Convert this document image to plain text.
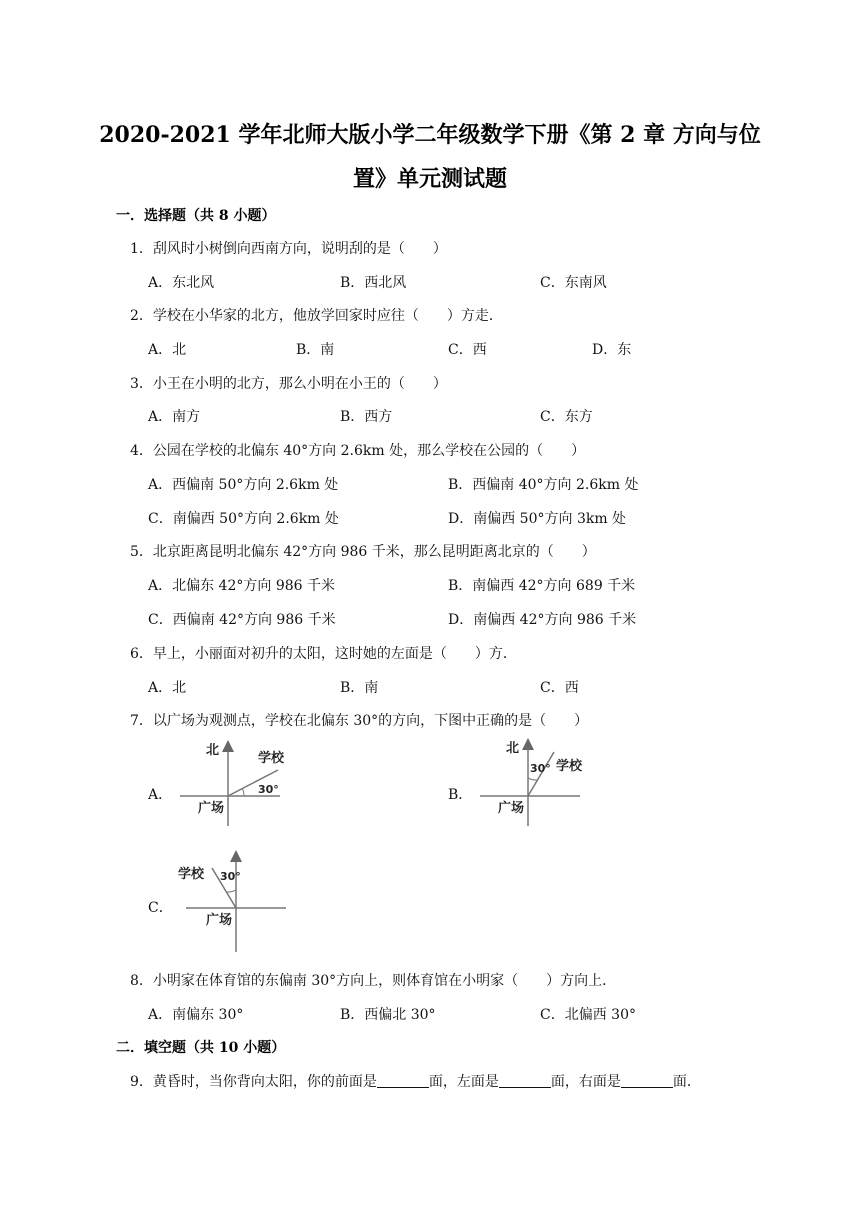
2020-2021 学年北师大版小学二年级数学下册《第 2 章 方向与位
置》单元测试题
一．选择题（共 8 小题）
1．刮风时小树倒向西南方向，说明刮的是（　　）
A．东北风	B．西北风	C．东南风
2．学校在小华家的北方，他放学回家时应往（　　）方走．
A．北	B．南	C．西	D．东
3．小王在小明的北方，那么小明在小王的（　　）
A．南方	B．西方	C．东方
4．公园在学校的北偏东 40°方向 2.6km 处，那么学校在公园的（　　）
A．西偏南 50°方向 2.6km 处	B．西偏南 40°方向 2.6km 处
C．南偏西 50°方向 2.6km 处	D．南偏西 50°方向 3km 处
5．北京距离昆明北偏东 42°方向 986 千米，那么昆明距离北京的（　　）
A．北偏东 42°方向 986 千米	B．南偏西 42°方向 689 千米
C．西偏南 42°方向 986 千米	D．南偏西 42°方向 986 千米
6．早上，小丽面对初升的太阳，这时她的左面是（　　）方．
A．北	B．南	C．西
7．以广场为观测点，学校在北偏东 30°的方向，下图中正确的是（　　）
A．	B．
C．
北
学校
30°
广场
北
30° 学校
广场
学校 30°
广场
8．小明家在体育馆的东偏南 30°方向上，则体育馆在小明家（　　）方向上．
A．南偏东 30°	B．西偏北 30°	C．北偏西 30°
二．填空题（共 10 小题）
9．黄昏时，当你背向太阳，你的前面是	面，左面是	面，右面是	面．
